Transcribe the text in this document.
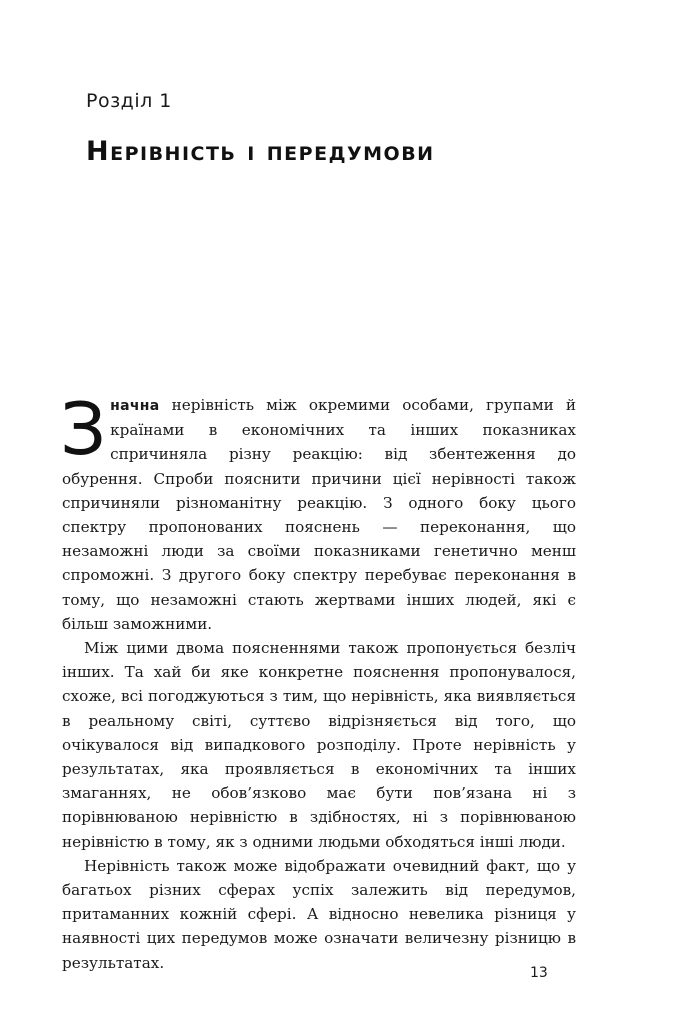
Розділ 1
Нерівність і передумови

Значна нерівність між окремими особами, групами й країнами в економічних та інших показниках спричиняла різну реакцію: від збентеження до обурення. Спроби пояснити причини цієї нерівності також спричиняли різноманітну реакцію. З одного боку цього спектру пропонованих пояснень — переконання, що незаможні люди за своїми показниками генетично менш спроможні. З другого боку спектру перебуває переконання в тому, що незаможні стають жертвами інших людей, які є більш заможними.

Між цими двома поясненнями також пропонується безліч інших. Та хай би яке конкретне пояснення пропонувалося, схоже, всі погоджуються з тим, що нерівність, яка виявляється в реальному світі, суттєво відрізняється від того, що очікувалося від випадкового розподілу. Проте нерівність у результатах, яка проявляється в економічних та інших змаганнях, не обов’язково має бути пов’язана ні з порівнюваною нерівністю в здібностях, ні з порівнюваною нерівністю в тому, як з одними людьми обходяться інші люди.

Нерівність також може відображати очевидний факт, що у багатьох різних сферах успіх залежить від передумов, притаманних кожній сфері. А відносно невелика різниця у наявності цих передумов може означати величезну різницю в результатах.

13
